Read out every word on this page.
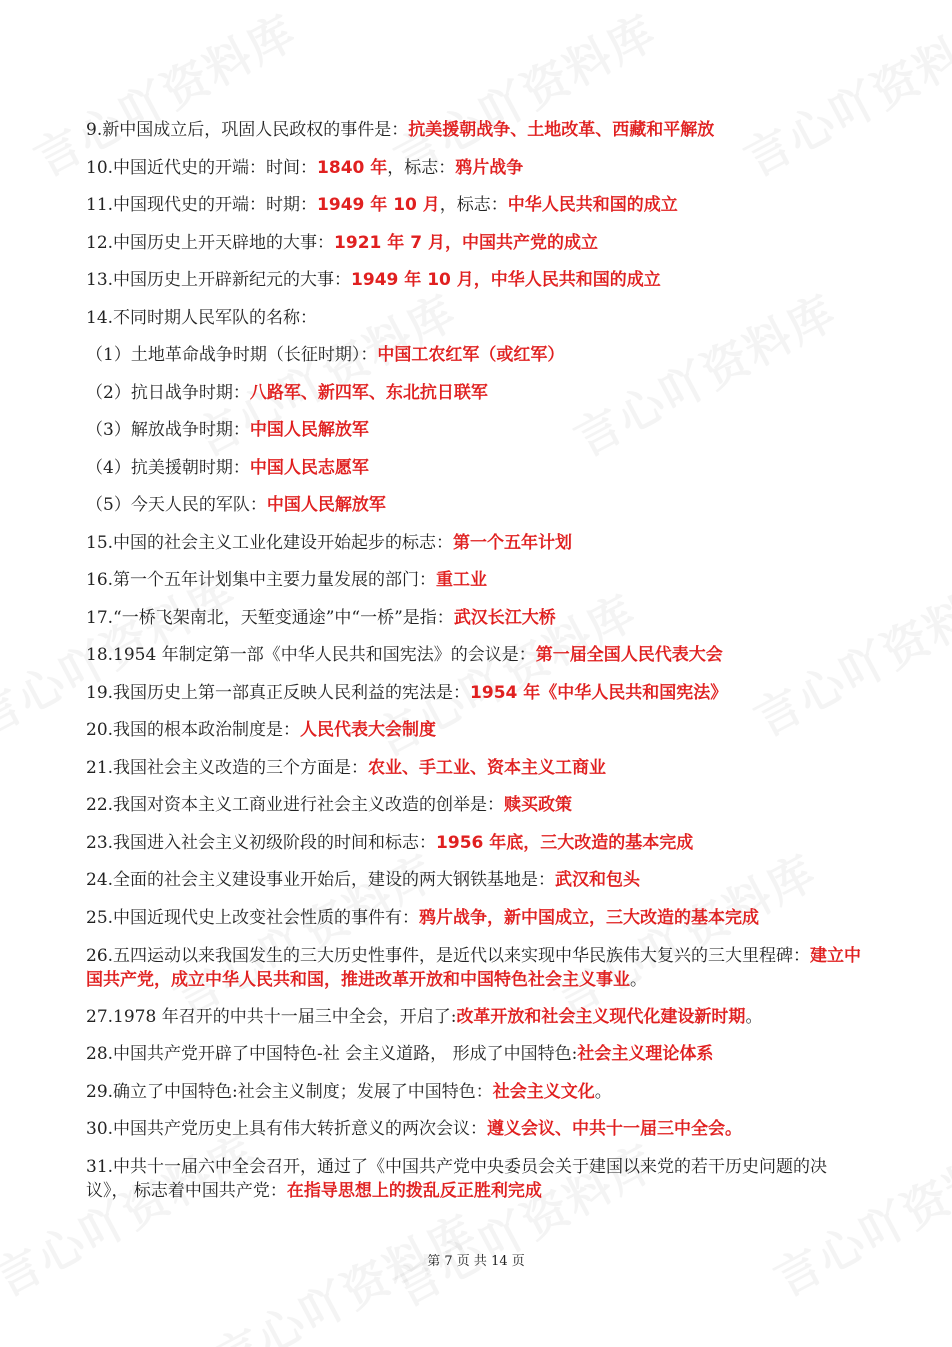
9.新中国成立后，巩固人民政权的事件是：抗美援朝战争、土地改革、西藏和平解放
10.中国近代史的开端：时间：1840 年，标志：鸦片战争
11.中国现代史的开端：时期：1949 年 10 月，标志：中华人民共和国的成立
12.中国历史上开天辟地的大事：1921 年 7 月，中国共产党的成立
13.中国历史上开辟新纪元的大事：1949 年 10 月，中华人民共和国的成立
14.不同时期人民军队的名称：
（1）土地革命战争时期（长征时期）：中国工农红军（或红军）
（2）抗日战争时期：八路军、新四军、东北抗日联军
（3）解放战争时期：中国人民解放军
（4）抗美援朝时期：中国人民志愿军
（5）今天人民的军队：中国人民解放军
15.中国的社会主义工业化建设开始起步的标志：第一个五年计划
16.第一个五年计划集中主要力量发展的部门：重工业
17.“一桥飞架南北，天堑变通途”中“一桥”是指：武汉长江大桥
18.1954 年制定第一部《中华人民共和国宪法》的会议是：第一届全国人民代表大会
19.我国历史上第一部真正反映人民利益的宪法是：1954 年《中华人民共和国宪法》
20.我国的根本政治制度是：人民代表大会制度
21.我国社会主义改造的三个方面是：农业、手工业、资本主义工商业
22.我国对资本主义工商业进行社会主义改造的创举是：赎买政策
23.我国进入社会主义初级阶段的时间和标志：1956 年底，三大改造的基本完成
24.全面的社会主义建设事业开始后，建设的两大钢铁基地是：武汉和包头
25.中国近现代史上改变社会性质的事件有：鸦片战争，新中国成立，三大改造的基本完成
26.五四运动以来我国发生的三大历史性事件，是近代以来实现中华民族伟大复兴的三大里程碑：建立中国共产党，成立中华人民共和国，推进改革开放和中国特色社会主义事业。
27.1978 年召开的中共十一届三中全会，开启了:改革开放和社会主义现代化建设新时期。
28.中国共产党开辟了中国特色-社 会主义道路， 形成了中国特色:社会主义理论体系
29.确立了中国特色:社会主义制度；发展了中国特色：社会主义文化。
30.中国共产党历史上具有伟大转折意义的两次会议：遵义会议、中共十一届三中全会。
31.中共十一届六中全会召开，通过了《中国共产党中央委员会关于建国以来党的若干历史问题的决议》， 标志着中国共产党：在指导思想上的拨乱反正胜利完成
第 7 页 共 14 页
